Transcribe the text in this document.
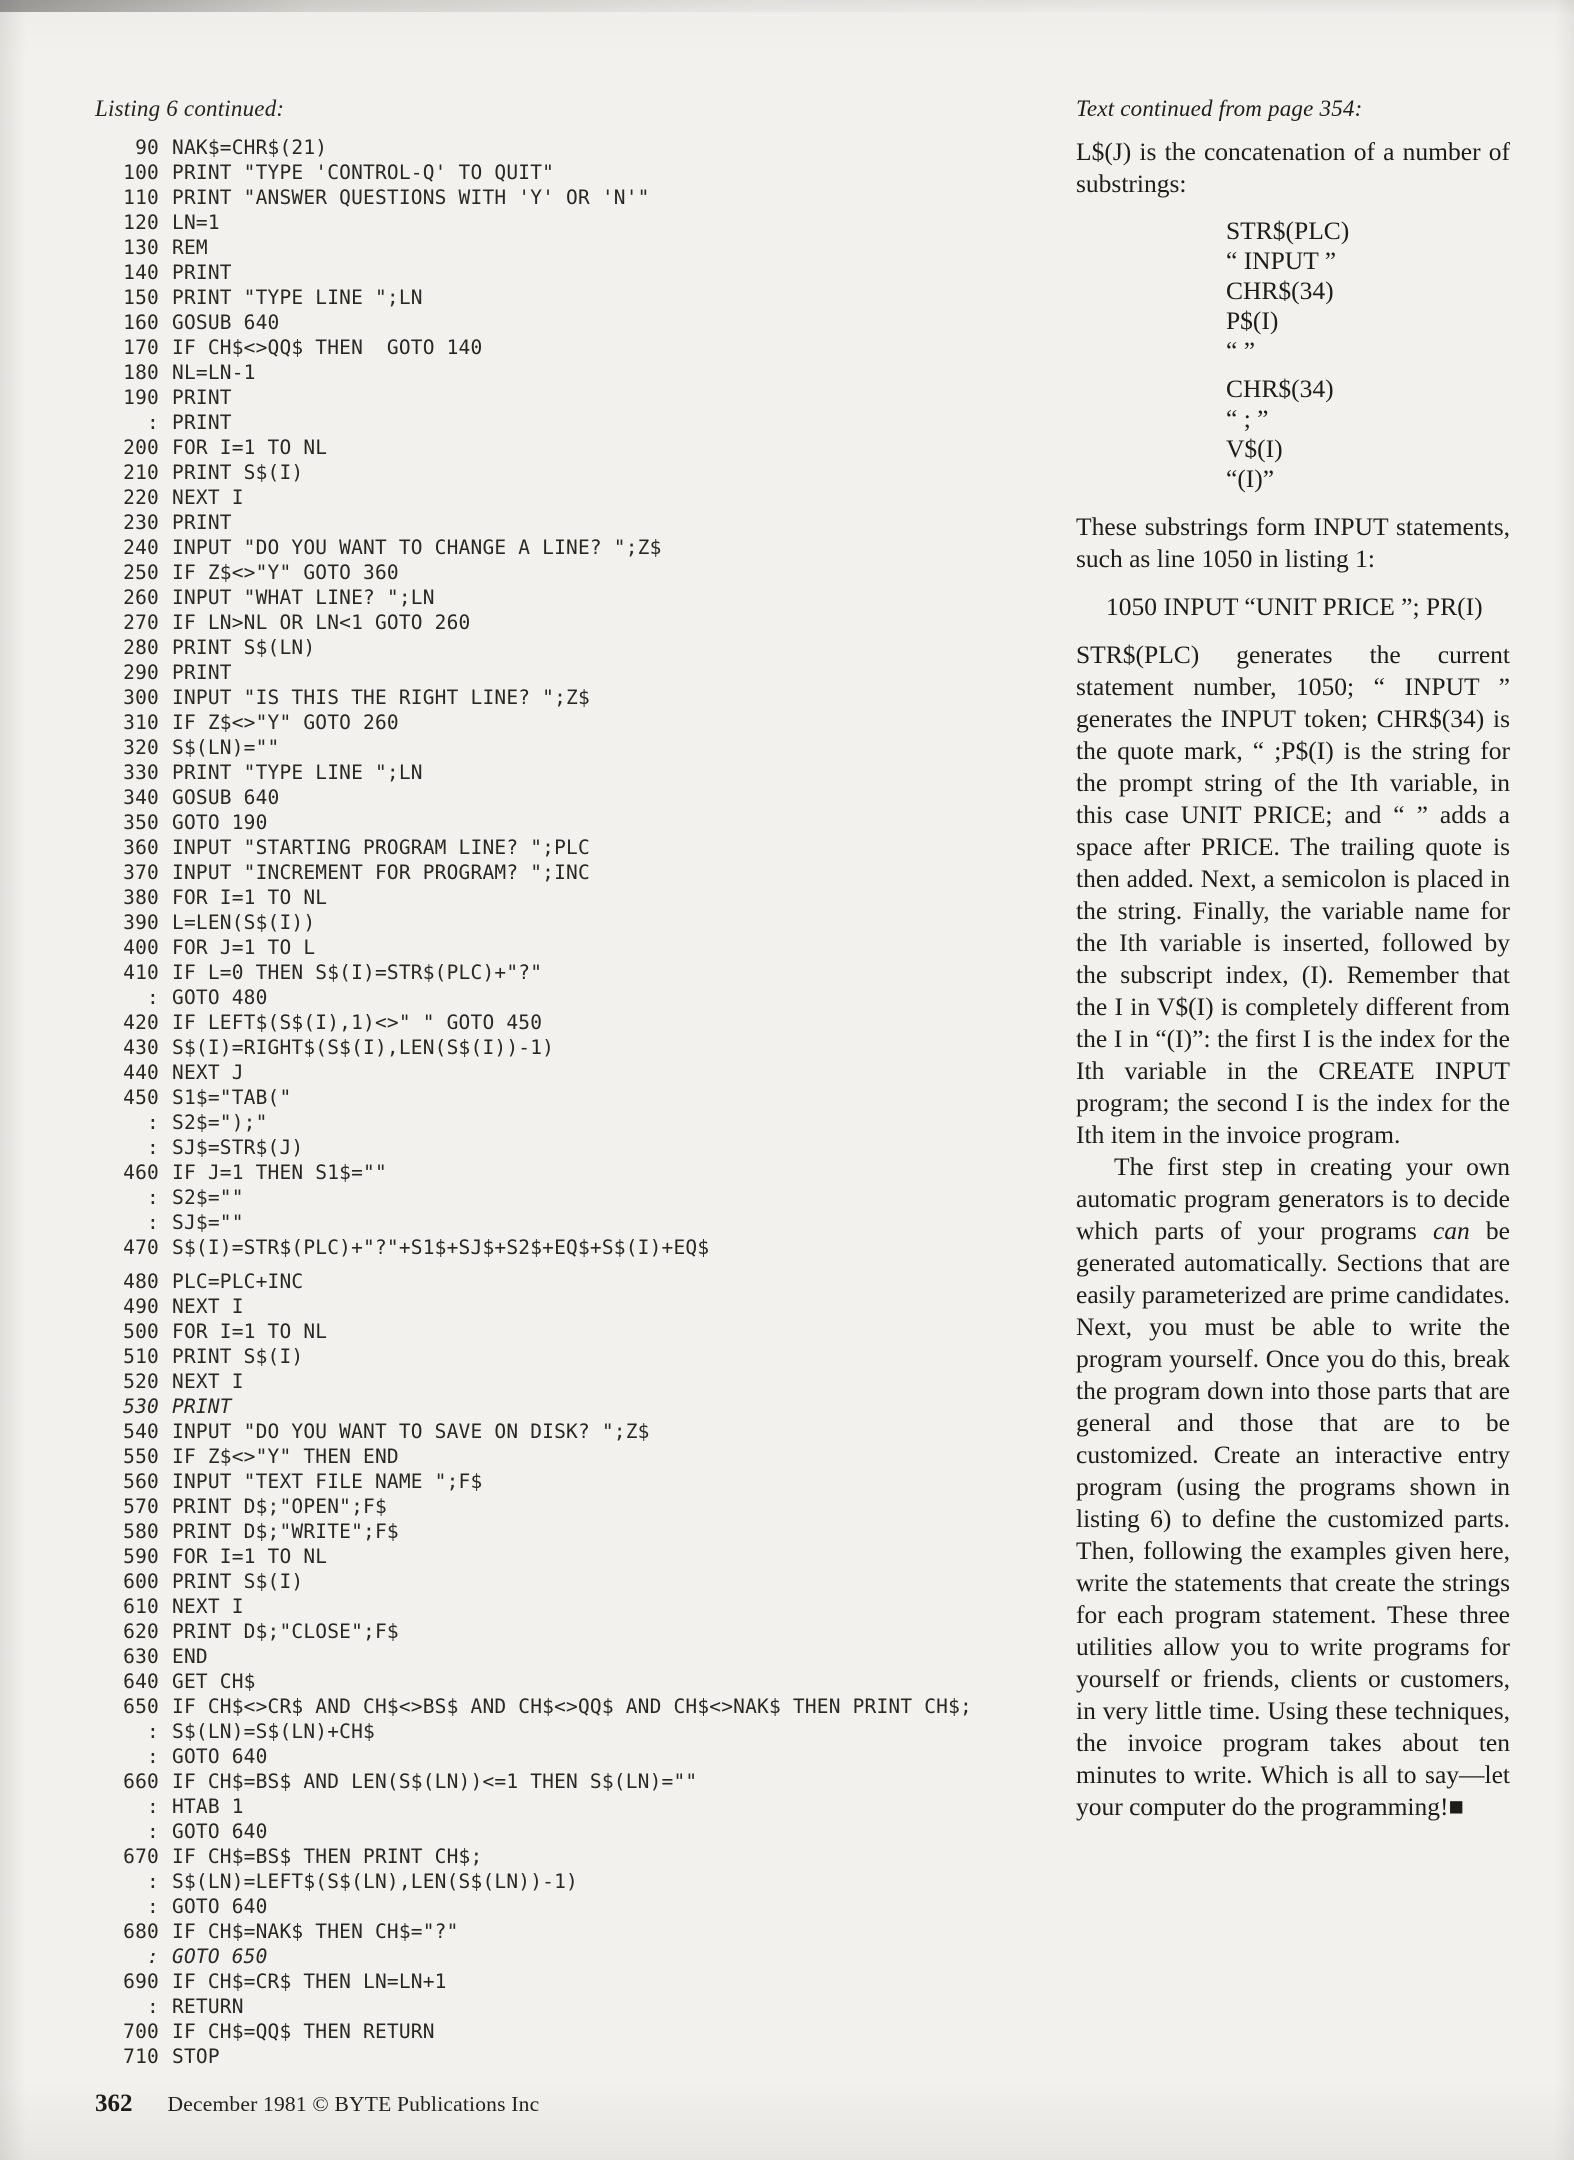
Listing 6 continued:
90 NAK$=CHR$(21)
100 PRINT "TYPE 'CONTROL-Q' TO QUIT"
110 PRINT "ANSWER QUESTIONS WITH 'Y' OR 'N'"
120 LN=1
130 REM
140 PRINT
150 PRINT "TYPE LINE ";LN
160 GOSUB 640
170 IF CH$<>QQ$ THEN  GOTO 140
180 NL=LN-1
190 PRINT
: PRINT
200 FOR I=1 TO NL
210 PRINT S$(I)
220 NEXT I
230 PRINT
240 INPUT "DO YOU WANT TO CHANGE A LINE? ";Z$
250 IF Z$<>"Y" GOTO 360
260 INPUT "WHAT LINE? ";LN
270 IF LN>NL OR LN<1 GOTO 260
280 PRINT S$(LN)
290 PRINT
300 INPUT "IS THIS THE RIGHT LINE? ";Z$
310 IF Z$<>"Y" GOTO 260
320 S$(LN)=""
330 PRINT "TYPE LINE ";LN
340 GOSUB 640
350 GOTO 190
360 INPUT "STARTING PROGRAM LINE? ";PLC
370 INPUT "INCREMENT FOR PROGRAM? ";INC
380 FOR I=1 TO NL
390 L=LEN(S$(I))
400 FOR J=1 TO L
410 IF L=0 THEN S$(I)=STR$(PLC)+"?"
: GOTO 480
420 IF LEFT$(S$(I),1)<>" " GOTO 450
430 S$(I)=RIGHT$(S$(I),LEN(S$(I))-1)
440 NEXT J
450 S1$="TAB("
: S2$=");"
: SJ$=STR$(J)
460 IF J=1 THEN S1$=""
: S2$=""
: SJ$=""
470 S$(I)=STR$(PLC)+"?"+S1$+SJ$+S2$+EQ$+S$(I)+EQ$
480 PLC=PLC+INC
490 NEXT I
500 FOR I=1 TO NL
510 PRINT S$(I)
520 NEXT I
530 PRINT
540 INPUT "DO YOU WANT TO SAVE ON DISK? ";Z$
550 IF Z$<>"Y" THEN END
560 INPUT "TEXT FILE NAME ";F$
570 PRINT D$;"OPEN";F$
580 PRINT D$;"WRITE";F$
590 FOR I=1 TO NL
600 PRINT S$(I)
610 NEXT I
620 PRINT D$;"CLOSE";F$
630 END
640 GET CH$
650 IF CH$<>CR$ AND CH$<>BS$ AND CH$<>QQ$ AND CH$<>NAK$ THEN PRINT CH$;
: S$(LN)=S$(LN)+CH$
: GOTO 640
660 IF CH$=BS$ AND LEN(S$(LN))<=1 THEN S$(LN)=""
: HTAB 1
: GOTO 640
670 IF CH$=BS$ THEN PRINT CH$;
: S$(LN)=LEFT$(S$(LN),LEN(S$(LN))-1)
: GOTO 640
680 IF CH$=NAK$ THEN CH$="?"
: GOTO 650
690 IF CH$=CR$ THEN LN=LN+1
: RETURN
700 IF CH$=QQ$ THEN RETURN
710 STOP
Text continued from page 354:

L$(J) is the concatenation of a number of substrings:

STR$(PLC)
“ INPUT ”
CHR$(34)
P$(I)
“ ”
CHR$(34)
“ ; ”
V$(I)
“(I)”

These substrings form INPUT statements, such as line 1050 in listing 1:

1050 INPUT “UNIT PRICE ”; PR(I)

STR$(PLC) generates the current statement number, 1050; “ INPUT ” generates the INPUT token; CHR$(34) is the quote mark, “ ;P$(I) is the string for the prompt string of the Ith variable, in this case UNIT PRICE; and “ ” adds a space after PRICE. The trailing quote is then added. Next, a semicolon is placed in the string. Finally, the variable name for the Ith variable is inserted, followed by the subscript index, (I). Remember that the I in V$(I) is completely different from the I in “(I)”: the first I is the index for the Ith variable in the CREATE INPUT program; the second I is the index for the Ith item in the invoice program.

The first step in creating your own automatic program generators is to decide which parts of your programs can be generated automatically. Sections that are easily parameterized are prime candidates. Next, you must be able to write the program yourself. Once you do this, break the program down into those parts that are general and those that are to be customized. Create an interactive entry program (using the programs shown in listing 6) to define the customized parts. Then, following the examples given here, write the statements that create the strings for each program statement. These three utilities allow you to write programs for yourself or friends, clients or customers, in very little time. Using these techniques, the invoice program takes about ten minutes to write. Which is all to say—let your computer do the programming!■

362 December 1981 © BYTE Publications Inc
